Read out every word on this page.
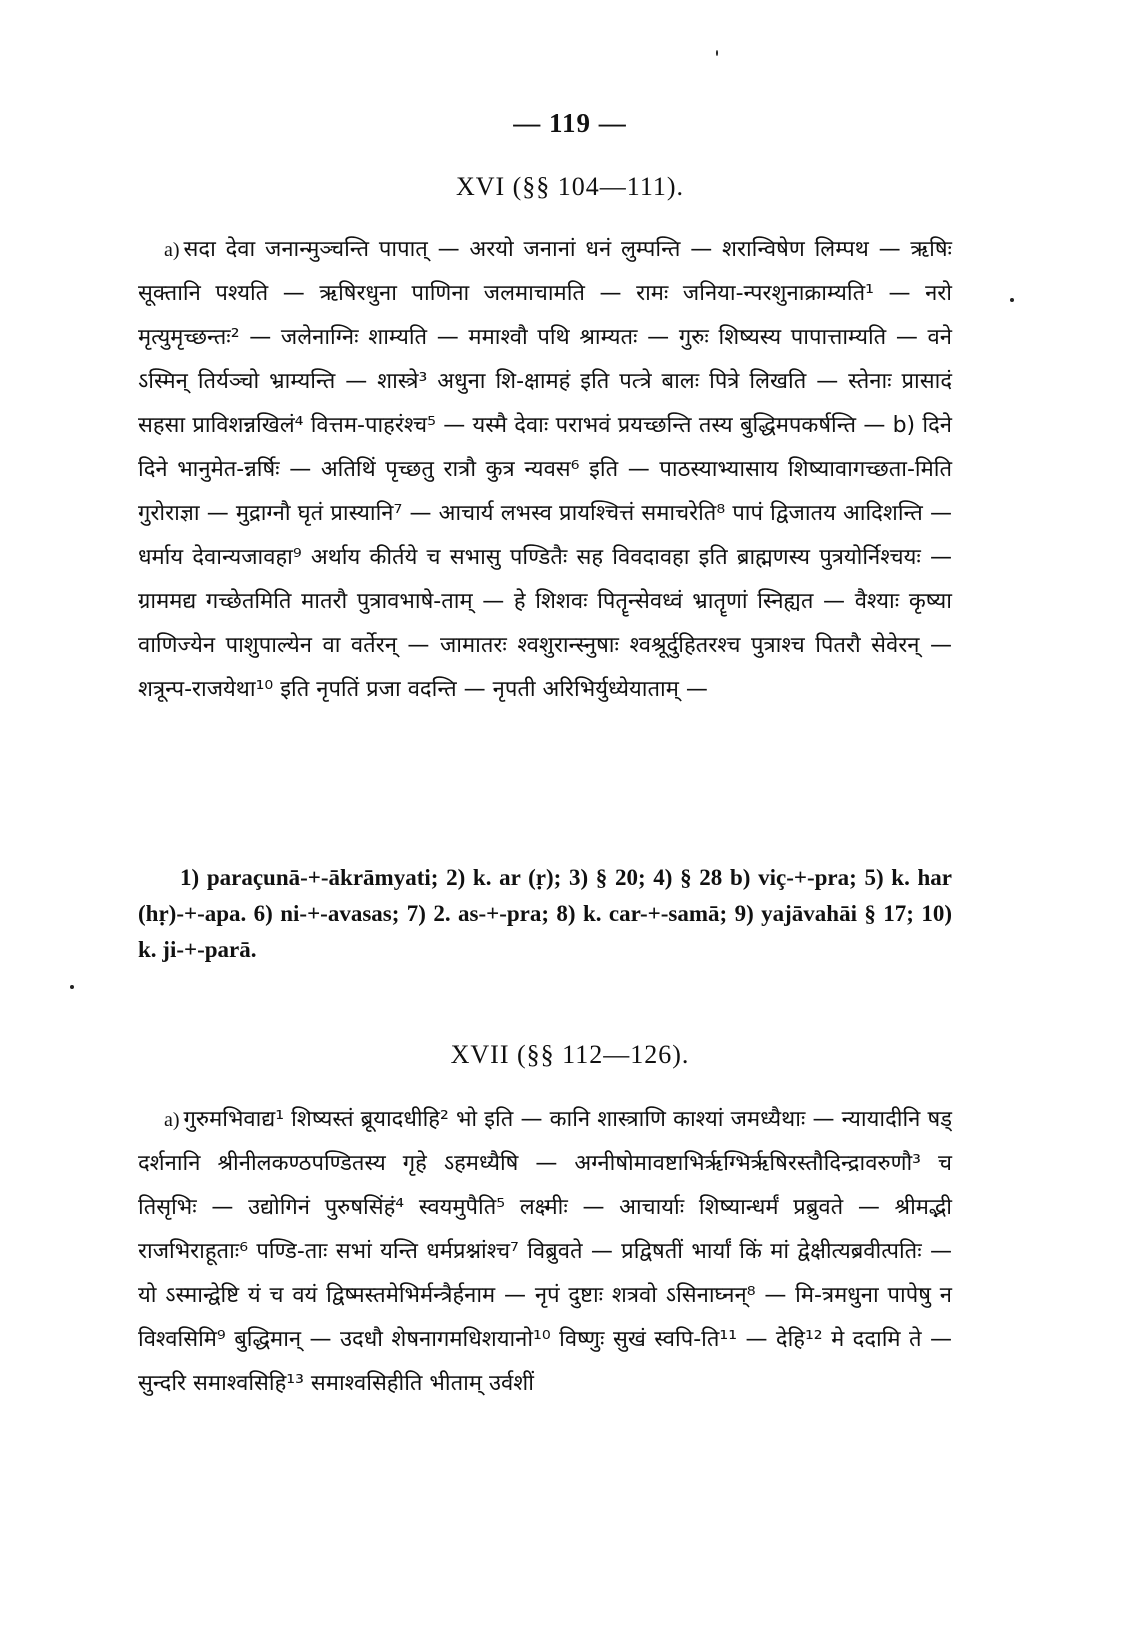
— 119 —
XVI (§§ 104—111).
a) सदा देवा जनान्मुञ्चन्ति पापात् — अरयो जनानां धनं लुम्पन्ति — शरान्विषेण लिम्पथ — ऋषिः सूक्तानि पश्यति — ऋषिरधुना पाणिना जलमाचामति — रामः जनिया-न्परशुनाक्राम्यति¹ — नरो मृत्युमृच्छन्तः² — जलेनाग्निः शाम्यति — ममाश्वौ पथि श्राम्यतः — गुरुः शिष्यस्य पापात्ताम्यति — वने ऽस्मिन् तिर्यञ्चो भ्राम्यन्ति — शास्त्रे³ अधुना शि-क्षामहं इति पत्त्रे बालः पित्रे लिखति — स्तेनाः प्रासादं सहसा प्राविशन्नखिलं⁴ वित्तम-पाहरंश्च⁵ — यस्मै देवाः पराभवं प्रयच्छन्ति तस्य बुद्धिमपकर्षन्ति — b) दिने दिने भानुमेत-न्नर्षिः — अतिथिं पृच्छतु रात्रौ कुत्र न्यवस⁶ इति — पाठस्याभ्यासाय शिष्यावागच्छता-मिति गुरोराज्ञा — मुद्राग्नौ घृतं प्रास्यानि⁷ — आचार्य लभस्व प्रायश्चित्तं समाचरेति⁸ पापं द्विजातय आदिशन्ति — धर्माय देवान्यजावहा⁹ अर्थाय कीर्तये च सभासु पण्डितैः सह विवदावहा इति ब्राह्मणस्य पुत्रयोर्निश्चयः — ग्राममद्य गच्छेतमिति मातरौ पुत्रावभाषे-ताम् — हे शिशवः पितॄन्सेवध्वं भ्रातॄणां स्निह्यत — वैश्याः कृष्या वाणिज्येन पाशुपाल्येन वा वर्तेरन् — जामातरः श्वशुरान्स्नुषाः श्वश्रूर्दुहितरश्च पुत्राश्च पितरौ सेवेरन् — शत्रून्प-राजयेथा¹⁰ इति नृपतिं प्रजा वदन्ति — नृपती अरिभिर्युध्येयाताम् —
1) paraçunā-+-ākrāmyati; 2) k. ar (ṛ); 3) § 20; 4) § 28 b) viç-+-pra; 5) k. har (hṛ)-+-apa. 6) ni-+-avasas; 7) 2. as-+-pra; 8) k. car-+-samā; 9) yajāvahāi § 17; 10) k. ji-+-parā.
XVII (§§ 112—126).
a) गुरुमभिवाद्य¹ शिष्यस्तं ब्रूयादधीहि² भो इति — कानि शास्त्राणि काश्यां जमध्यैथाः — न्यायादीनि षड् दर्शनानि श्रीनीलकण्ठपण्डितस्य गृहे ऽहमध्यैषि — अग्नीषोमावष्टाभिर्ऋग्भिर्ऋषिरस्तौदिन्द्रावरुणौ³ च तिसृभिः — उद्योगिनं पुरुषसिंहं⁴ स्वयमुपैति⁵ लक्ष्मीः — आचार्याः शिष्यान्धर्मं प्रब्रुवते — श्रीमद्भी राजभिराहूताः⁶ पण्डि-ताः सभां यन्ति धर्मप्रश्नांश्च⁷ विब्रुवते — प्रद्विषतीं भार्यां किं मां द्वेक्षीत्यब्रवीत्पतिः — यो ऽस्मान्द्वेष्टि यं च वयं द्विष्मस्तमेभिर्मन्त्रैर्हनाम — नृपं दुष्टाः शत्रवो ऽसिनाघ्नन्⁸ — मि-त्रमधुना पापेषु न विश्वसिमि⁹ बुद्धिमान् — उदधौ शेषनागमधिशयानो¹⁰ विष्णुः सुखं स्वपि-ति¹¹ — देहि¹² मे ददामि ते — सुन्दरि समाश्वसिहि¹³ समाश्वसिहीति भीताम् उर्वशीं
